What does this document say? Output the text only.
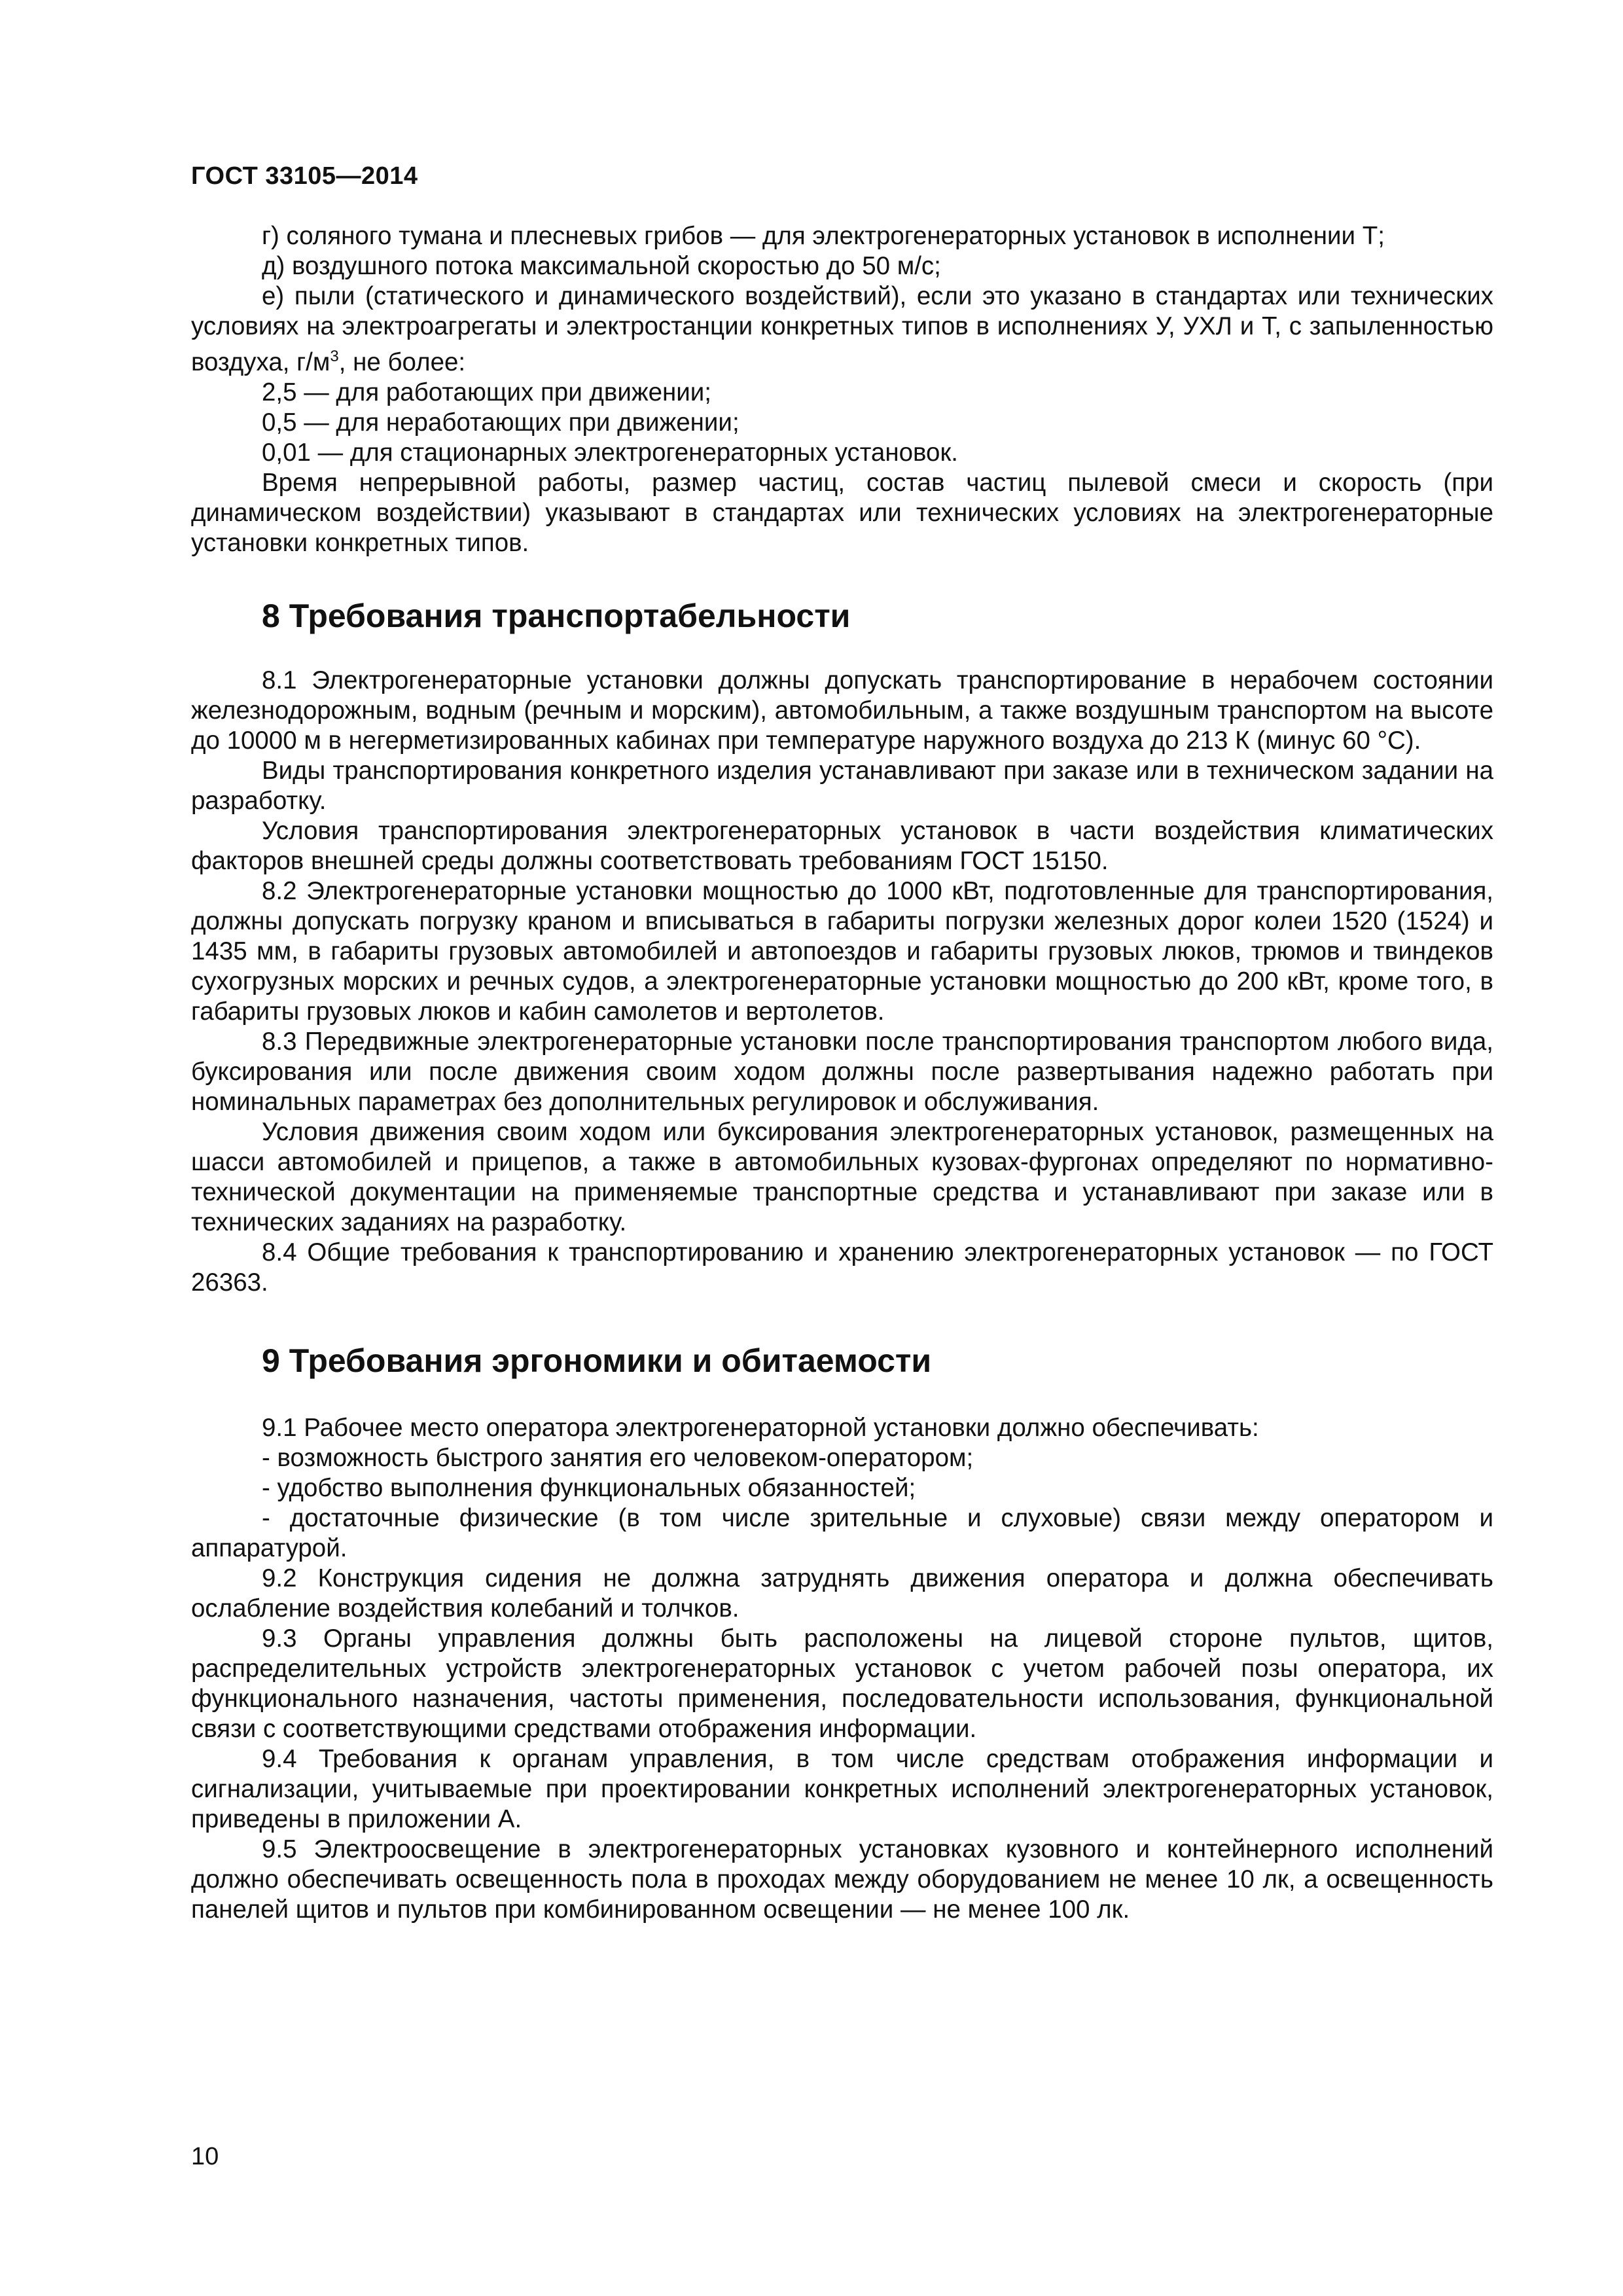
ГОСТ 33105—2014

г) соляного тумана и плесневых грибов — для электрогенераторных установок в исполнении Т;

д) воздушного потока максимальной скоростью до 50 м/с;

е) пыли (статического и динамического воздействий), если это указано в стандартах или технических условиях на электроагрегаты и электростанции конкретных типов в исполнениях У, УХЛ и Т, с запыленностью воздуха, $г/м^3$, не более:

2,5 — для работающих при движении;

0,5 — для неработающих при движении;

0,01 — для стационарных электрогенераторных установок.

Время непрерывной работы, размер частиц, состав частиц пылевой смеси и скорость (при динамическом воздействии) указывают в стандартах или технических условиях на электрогенераторные установки конкретных типов.

8 Требования транспортабельности

8.1 Электрогенераторные установки должны допускать транспортирование в нерабочем состоянии железнодорожным, водным (речным и морским), автомобильным, а также воздушным транспортом на высоте до 10000 м в негерметизированных кабинах при температуре наружного воздуха до 213 К (минус 60 °С).

Виды транспортирования конкретного изделия устанавливают при заказе или в техническом задании на разработку.

Условия транспортирования электрогенераторных установок в части воздействия климатических факторов внешней среды должны соответствовать требованиям ГОСТ 15150.

8.2 Электрогенераторные установки мощностью до 1000 кВт, подготовленные для транспортирования, должны допускать погрузку краном и вписываться в габариты погрузки железных дорог колеи 1520 (1524) и 1435 мм, в габариты грузовых автомобилей и автопоездов и габариты грузовых люков, трюмов и твиндеков сухогрузных морских и речных судов, а электрогенераторные установки мощностью до 200 кВт, кроме того, в габариты грузовых люков и кабин самолетов и вертолетов.

8.3 Передвижные электрогенераторные установки после транспортирования транспортом любого вида, буксирования или после движения своим ходом должны после развертывания надежно работать при номинальных параметрах без дополнительных регулировок и обслуживания.

Условия движения своим ходом или буксирования электрогенераторных установок, размещенных на шасси автомобилей и прицепов, а также в автомобильных кузовах-фургонах определяют по нормативно-технической документации на применяемые транспортные средства и устанавливают при заказе или в технических заданиях на разработку.

8.4 Общие требования к транспортированию и хранению электрогенераторных установок — по ГОСТ 26363.

9 Требования эргономики и обитаемости

9.1 Рабочее место оператора электрогенераторной установки должно обеспечивать:

- возможность быстрого занятия его человеком-оператором;

- удобство выполнения функциональных обязанностей;

- достаточные физические (в том числе зрительные и слуховые) связи между оператором и аппаратурой.

9.2 Конструкция сидения не должна затруднять движения оператора и должна обеспечивать ослабление воздействия колебаний и толчков.

9.3 Органы управления должны быть расположены на лицевой стороне пультов, щитов, распределительных устройств электрогенераторных установок с учетом рабочей позы оператора, их функционального назначения, частоты применения, последовательности использования, функциональной связи с соответствующими средствами отображения информации.

9.4 Требования к органам управления, в том числе средствам отображения информации и сигнализации, учитываемые при проектировании конкретных исполнений электрогенераторных установок, приведены в приложении А.

9.5 Электроосвещение в электрогенераторных установках кузовного и контейнерного исполнений должно обеспечивать освещенность пола в проходах между оборудованием не менее 10 лк, а освещенность панелей щитов и пультов при комбинированном освещении — не менее 100 лк.

10
